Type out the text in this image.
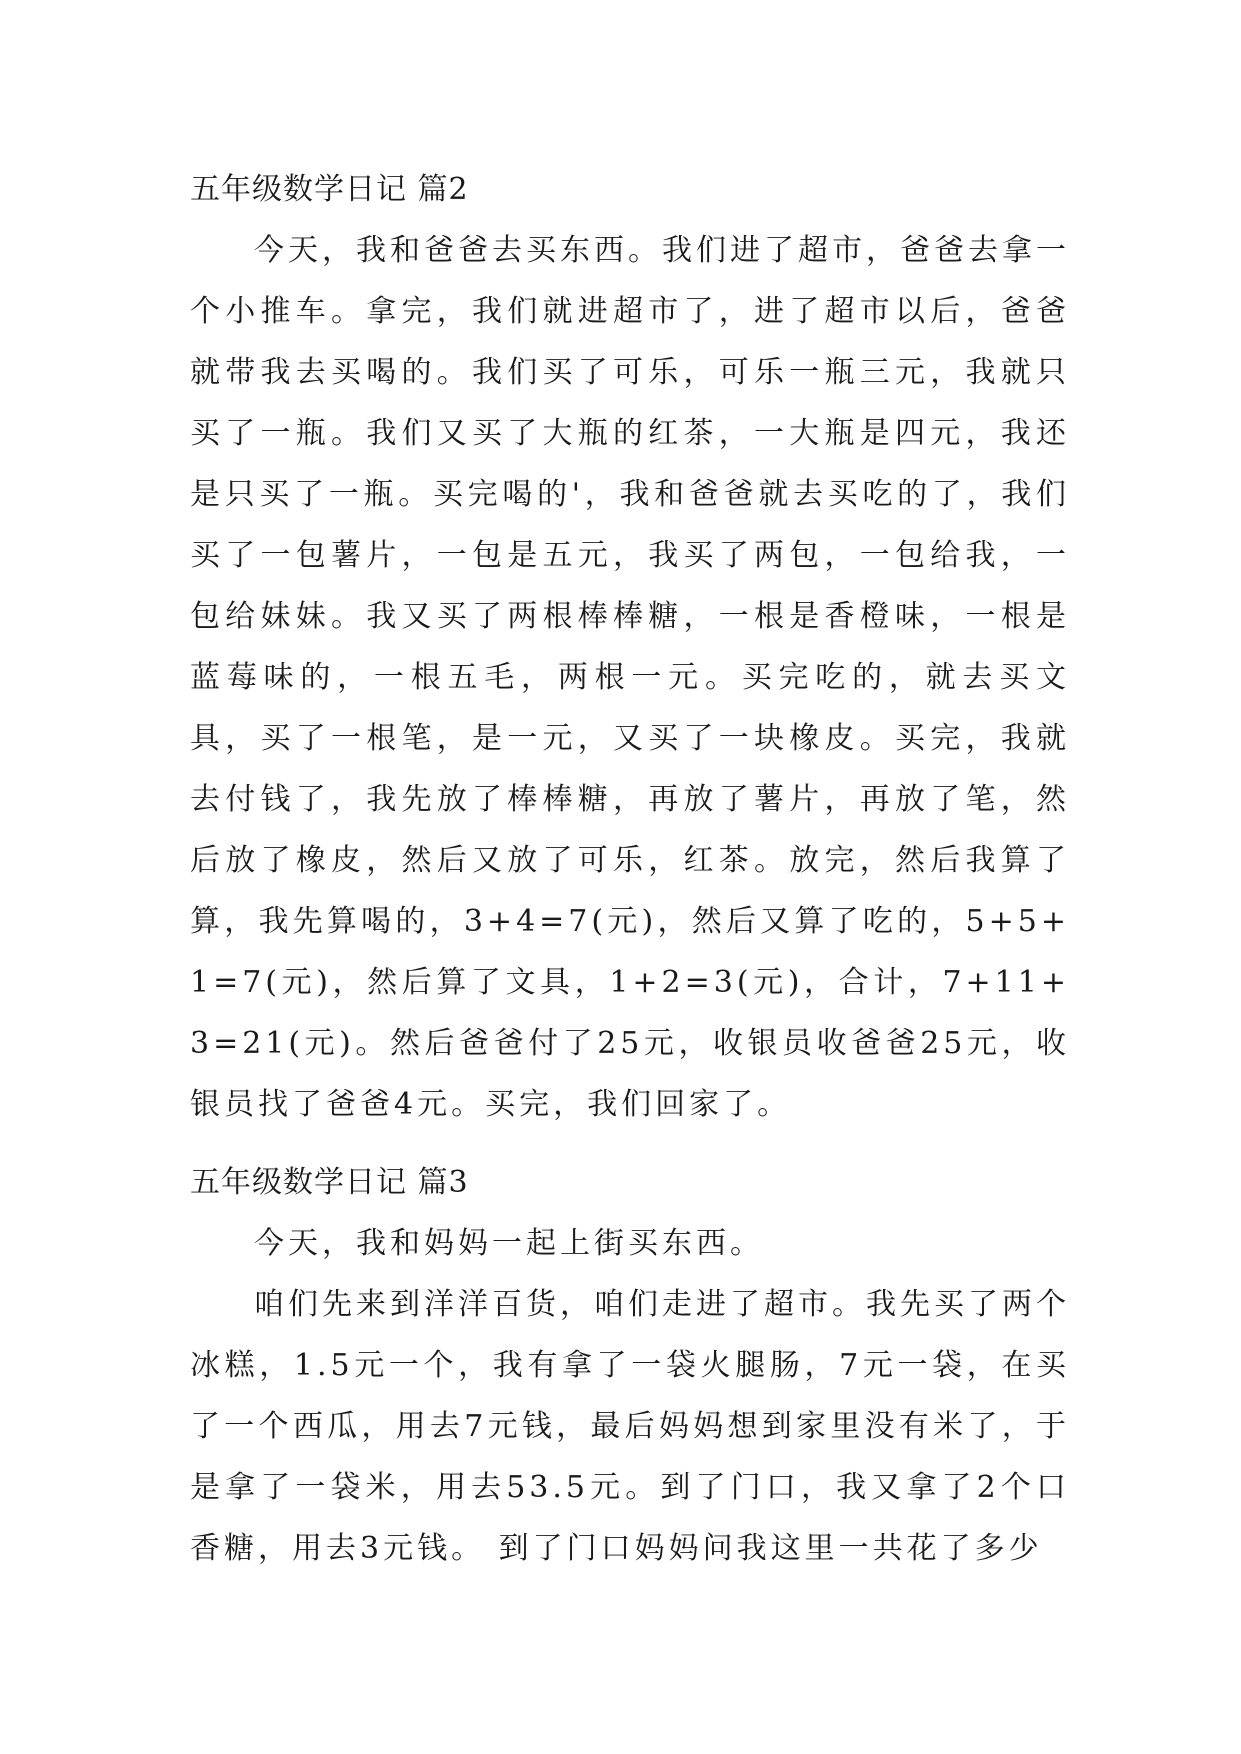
五年级数学日记 篇2

今天，我和爸爸去买东西。我们进了超市，爸爸去拿一个小推车。拿完，我们就进超市了，进了超市以后，爸爸就带我去买喝的。我们买了可乐，可乐一瓶三元，我就只买了一瓶。我们又买了大瓶的红茶，一大瓶是四元，我还是只买了一瓶。买完喝的'，我和爸爸就去买吃的了，我们买了一包薯片，一包是五元，我买了两包，一包给我，一包给妹妹。我又买了两根棒棒糖，一根是香橙味，一根是蓝莓味的，一根五毛，两根一元。买完吃的，就去买文具，买了一根笔，是一元，又买了一块橡皮。买完，我就去付钱了，我先放了棒棒糖，再放了薯片，再放了笔，然后放了橡皮，然后又放了可乐，红茶。放完，然后我算了算，我先算喝的，3+4=7(元)，然后又算了吃的，5+5+1=7(元)，然后算了文具，1+2=3(元)，合计，7+11+3=21(元)。然后爸爸付了25元，收银员收爸爸25元，收银员找了爸爸4元。买完，我们回家了。

五年级数学日记 篇3

今天，我和妈妈一起上街买东西。

咱们先来到洋洋百货，咱们走进了超市。我先买了两个冰糕，1.5元一个，我有拿了一袋火腿肠，7元一袋，在买了一个西瓜，用去7元钱，最后妈妈想到家里没有米了，于是拿了一袋米，用去53.5元。到了门口，我又拿了2个口香糖，用去3元钱。 到了门口妈妈问我这里一共花了多少
